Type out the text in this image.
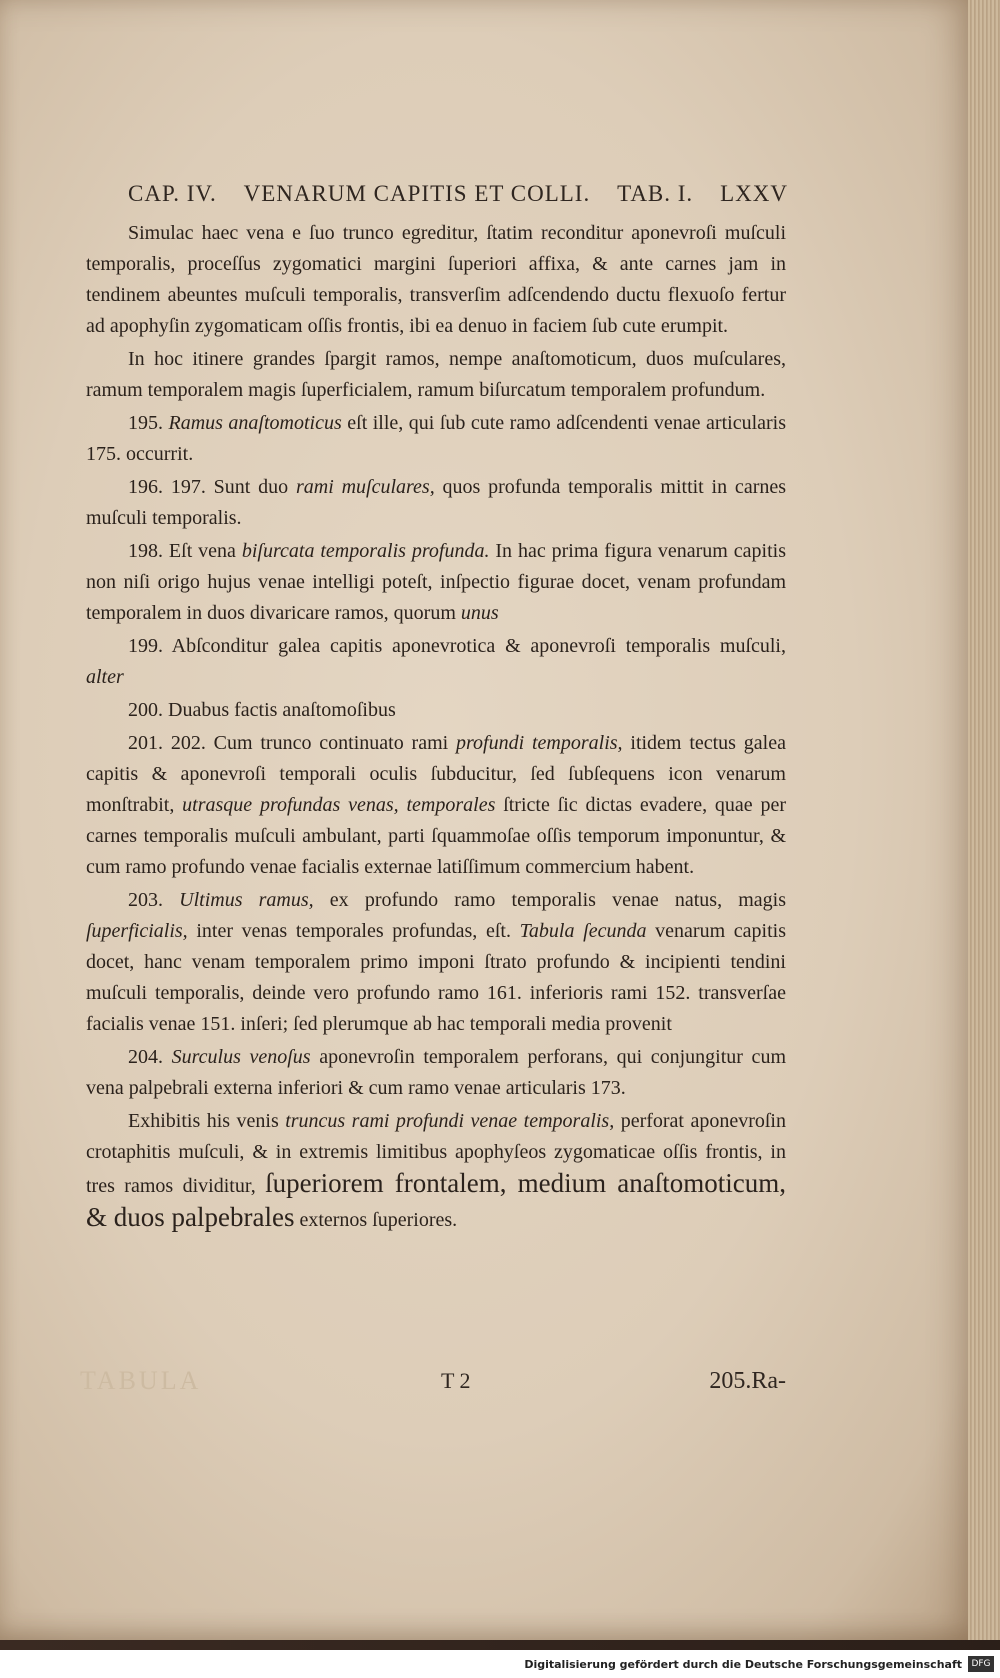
CAP. IV. VENARUM CAPITIS ET COLLI. TAB. I. LXXV

Simulac haec vena e ſuo trunco egreditur, ſtatim reconditur aponevroſi muſculi temporalis, proceſſus zygomatici margini ſuperiori affixa, & ante carnes jam in tendinem abeuntes muſculi temporalis, transverſim adſcendendo ductu flexuoſo fertur ad apophyſin zygomaticam oſſis frontis, ibi ea denuo in faciem ſub cute erumpit.

In hoc itinere grandes ſpargit ramos, nempe anaſtomoticum, duos muſculares, ramum temporalem magis ſuperficialem, ramum biſurcatum temporalem profundum.

195. Ramus anaſtomoticus eſt ille, qui ſub cute ramo adſcendenti venae articularis 175. occurrit.

196. 197. Sunt duo rami muſculares, quos profunda temporalis mittit in carnes muſculi temporalis.

198. Eſt vena biſurcata temporalis profunda. In hac prima figura venarum capitis non niſi origo hujus venae intelligi poteſt, inſpectio figurae docet, venam profundam temporalem in duos divaricare ramos, quorum unus

199. Abſconditur galea capitis aponevrotica & aponevroſi temporalis muſculi, alter

200. Duabus factis anaſtomoſibus

201. 202. Cum trunco continuato rami profundi temporalis, itidem tectus galea capitis & aponevroſi temporali oculis ſubducitur, ſed ſubſequens icon venarum monſtrabit, utrasque profundas venas, temporales ſtricte ſic dictas evadere, quae per carnes temporalis muſculi ambulant, parti ſquammoſae oſſis temporum imponuntur, & cum ramo profundo venae facialis externae latiſſimum commercium habent.

203. Ultimus ramus, ex profundo ramo temporalis venae natus, magis ſuperficialis, inter venas temporales profundas, eſt. Tabula ſecunda venarum capitis docet, hanc venam temporalem primo imponi ſtrato profundo & incipienti tendini muſculi temporalis, deinde vero profundo ramo 161. inferioris rami 152. transverſae facialis venae 151. inſeri; ſed plerumque ab hac temporali media provenit

204. Surculus venoſus aponevroſin temporalem perforans, qui conjungitur cum vena palpebrali externa inferiori & cum ramo venae articularis 173.

Exhibitis his venis truncus rami profundi venae temporalis, perforat aponevroſin crotaphitis muſculi, & in extremis limitibus apophyſeos zygomaticae oſſis frontis, in tres ramos dividitur, ſuperiorem frontalem, medium anaſtomoticum, & duos palpebrales externos ſuperiores.

TABULA	T 2	205.Ra-
Digitalisierung gefördert durch die Deutsche Forschungsgemeinschaft	DFG
